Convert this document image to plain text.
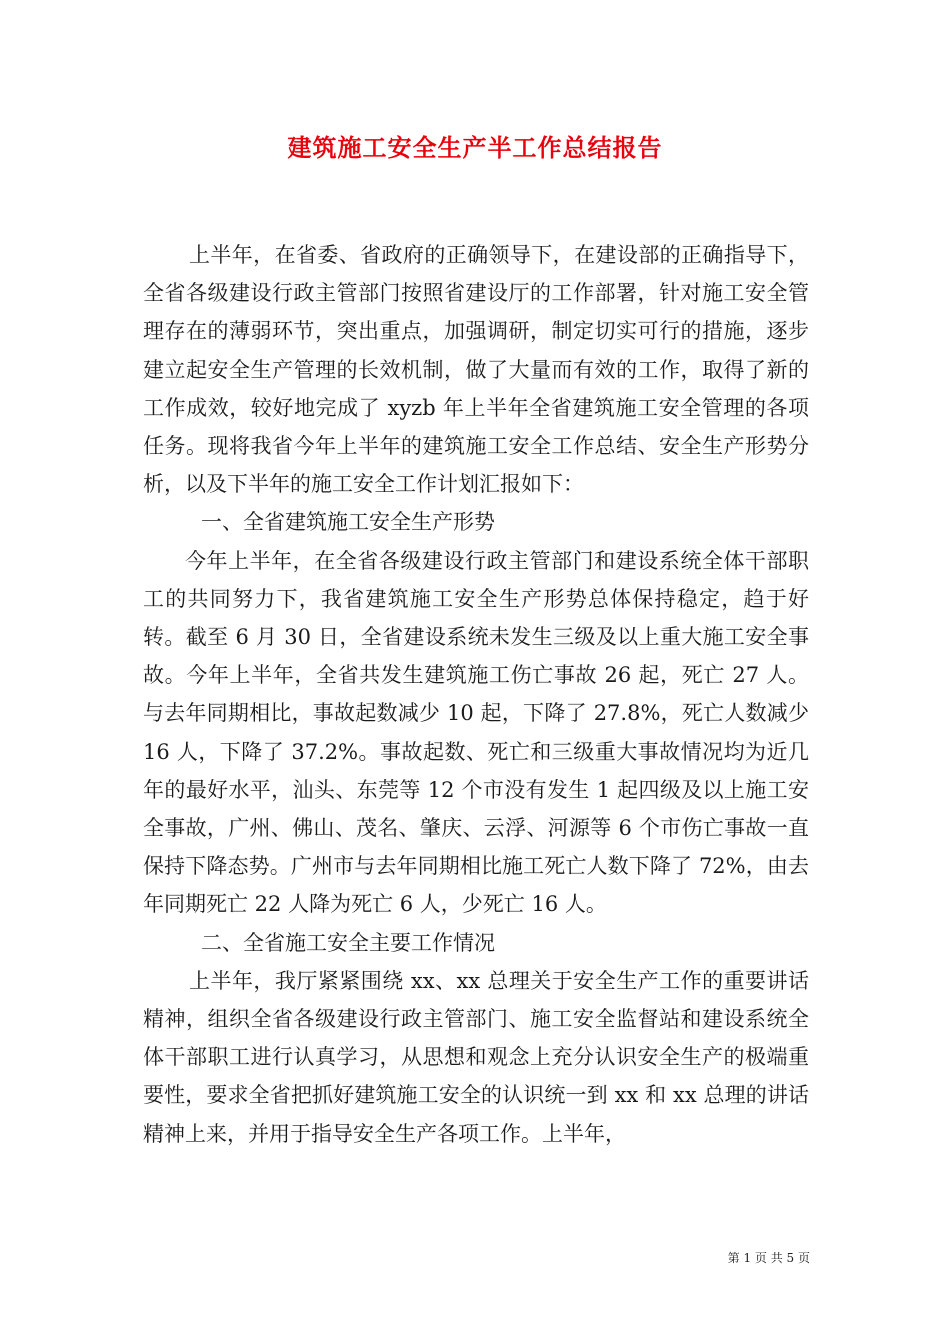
建筑施工安全生产半工作总结报告

上半年，在省委、省政府的正确领导下，在建设部的正确指导下，全省各级建设行政主管部门按照省建设厅的工作部署，针对施工安全管理存在的薄弱环节，突出重点，加强调研，制定切实可行的措施，逐步建立起安全生产管理的长效机制，做了大量而有效的工作，取得了新的工作成效，较好地完成了 xyzb 年上半年全省建筑施工安全管理的各项任务。现将我省今年上半年的建筑施工安全工作总结、安全生产形势分析，以及下半年的施工安全工作计划汇报如下：

一、全省建筑施工安全生产形势

今年上半年，在全省各级建设行政主管部门和建设系统全体干部职工的共同努力下，我省建筑施工安全生产形势总体保持稳定，趋于好转。截至 6 月 30 日，全省建设系统未发生三级及以上重大施工安全事故。今年上半年，全省共发生建筑施工伤亡事故 26 起，死亡 27 人。与去年同期相比，事故起数减少 10 起，下降了 27.8%，死亡人数减少 16 人，下降了 37.2%。事故起数、死亡和三级重大事故情况均为近几年的最好水平，汕头、东莞等 12 个市没有发生 1 起四级及以上施工安全事故，广州、佛山、茂名、肇庆、云浮、河源等 6 个市伤亡事故一直保持下降态势。广州市与去年同期相比施工死亡人数下降了 72%，由去年同期死亡 22 人降为死亡 6 人，少死亡 16 人。

二、全省施工安全主要工作情况

上半年，我厅紧紧围绕 xx、xx 总理关于安全生产工作的重要讲话精神，组织全省各级建设行政主管部门、施工安全监督站和建设系统全体干部职工进行认真学习，从思想和观念上充分认识安全生产的极端重要性，要求全省把抓好建筑施工安全的认识统一到 xx 和 xx 总理的讲话精神上来，并用于指导安全生产各项工作。上半年，

第 1 页 共 5 页
